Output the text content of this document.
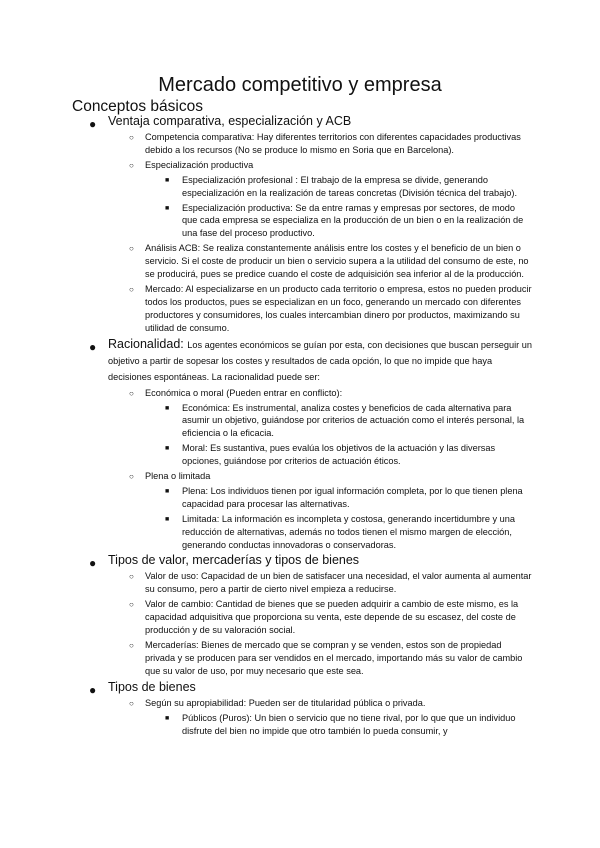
Mercado competitivo y empresa
Conceptos básicos
● Ventaja comparativa, especialización y ACB
○ Competencia comparativa: Hay diferentes territorios con diferentes capacidades productivas debido a los recursos (No se produce lo mismo en Soria que en Barcelona).
○ Especialización productiva
■ Especialización profesional : El trabajo de la empresa se divide, generando especialización en la realización de tareas concretas (División técnica del trabajo).
■ Especialización productiva: Se da entre ramas y empresas por sectores, de modo que cada empresa se especializa en la producción de un bien o en la realización de una fase del proceso productivo.
○ Análisis ACB: Se realiza constantemente análisis entre los costes y el beneficio de un bien o servicio. Si el coste de producir un bien o servicio supera a la utilidad del consumo de este, no se producirá, pues se predice cuando el coste de adquisición sea inferior al de la producción.
○ Mercado: Al especializarse en un producto cada territorio o empresa, estos no pueden producir todos los productos, pues se especializan en un foco, generando un mercado con diferentes productores y consumidores, los cuales intercambian dinero por productos, maximizando su utilidad de consumo.
● Racionalidad: Los agentes económicos se guían por esta, con decisiones que buscan perseguir un objetivo a partir de sopesar los costes y resultados de cada opción, lo que no impide que haya decisiones espontáneas. La racionalidad puede ser:
○ Económica o moral (Pueden entrar en conflicto):
■ Económica: Es instrumental, analiza costes y beneficios de cada alternativa para asumir un objetivo, guiándose por criterios de actuación como el interés personal, la eficiencia o la eficacia.
■ Moral: Es sustantiva, pues evalúa los objetivos de la actuación y las diversas opciones, guiándose por criterios de actuación éticos.
○ Plena o limitada
■ Plena: Los individuos tienen por igual información completa, por lo que tienen plena capacidad para procesar las alternativas.
■ Limitada: La información es incompleta y costosa, generando incertidumbre y una reducción de alternativas, además no todos tienen el mismo margen de elección, generando conductas innovadoras o conservadoras.
● Tipos de valor, mercaderías y tipos de bienes
○ Valor de uso: Capacidad de un bien de satisfacer una necesidad, el valor aumenta al aumentar su consumo, pero a partir de cierto nivel empieza a reducirse.
○ Valor de cambio: Cantidad de bienes que se pueden adquirir a cambio de este mismo, es la capacidad adquisitiva que proporciona su venta, este depende de su escasez, del coste de producción y de su valoración social.
○ Mercaderías: Bienes de mercado que se compran y se venden, estos son de propiedad privada y se producen para ser vendidos en el mercado, importando más su valor de cambio que su valor de uso, por muy necesario que este sea.
● Tipos de bienes
○ Según su apropiabilidad: Pueden ser de titularidad pública o privada.
■ Públicos (Puros): Un bien o servicio que no tiene rival, por lo que que un individuo disfrute del bien no impide que otro también lo pueda consumir, y
